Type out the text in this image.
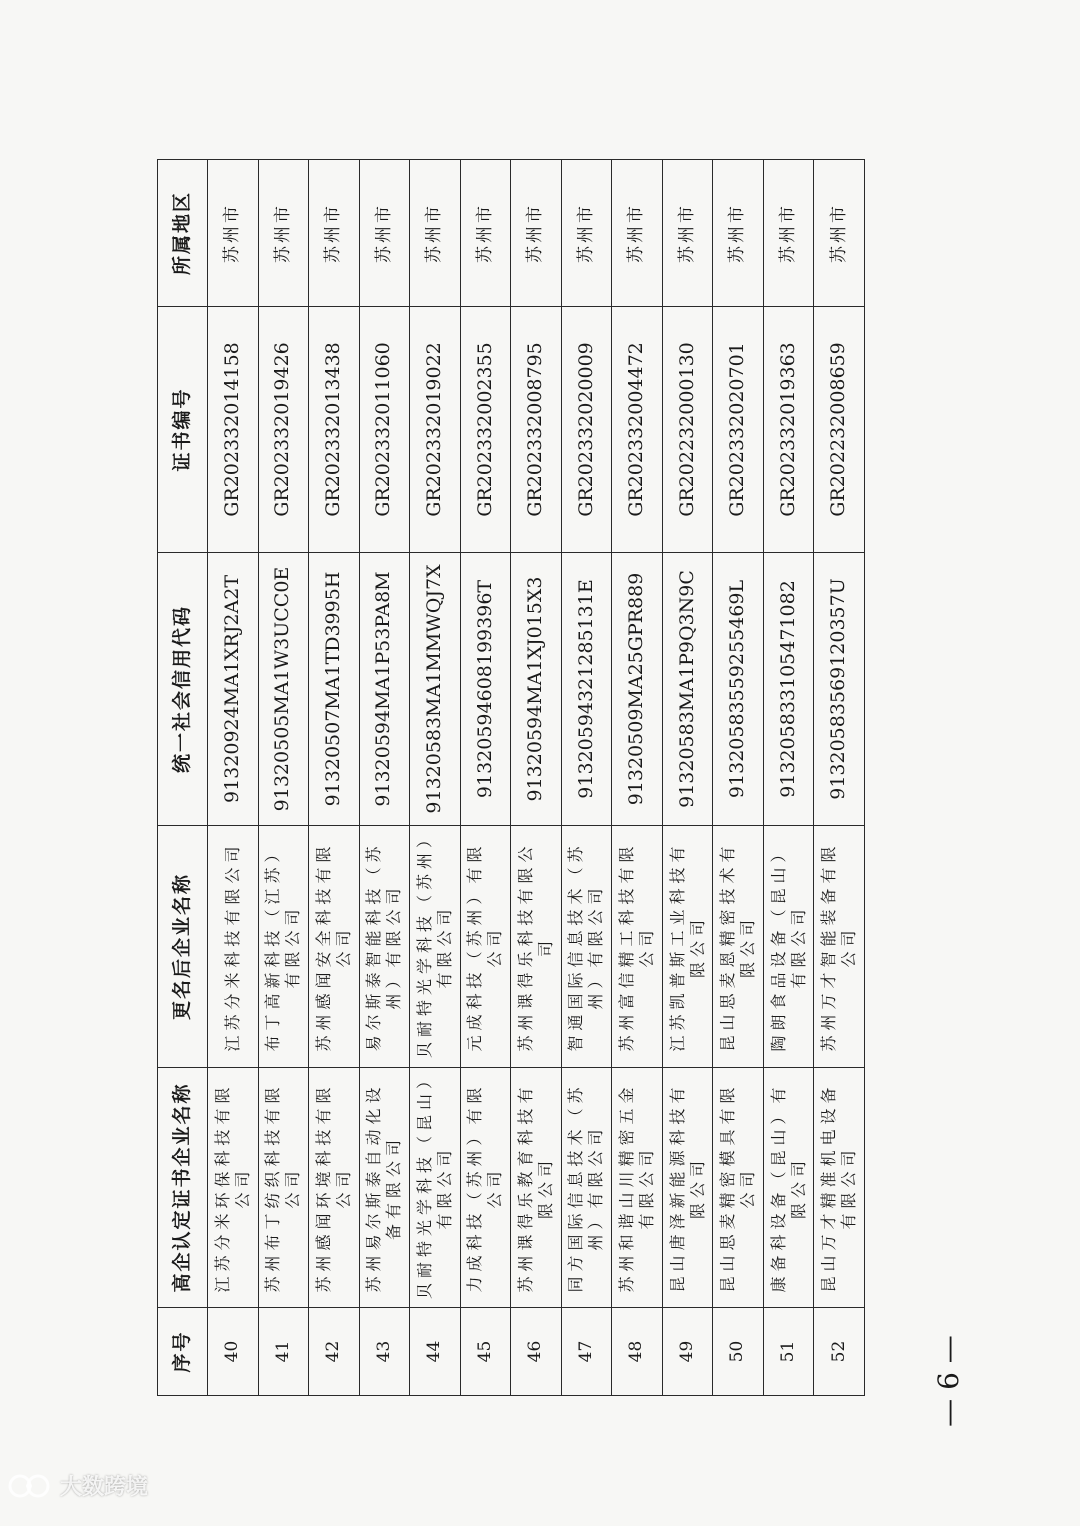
序号	高企认定证书企业名称	更名后企业名称	统一社会信用代码	证书编号	所属地区
40	江苏分米环保科技有限公司	江苏分米科技有限公司	91320924MA1XRJ2A2T	GR202332014158	苏州市
41	苏州布丁纺织科技有限公司	布丁高新科技（江苏）有限公司	91320505MA1W3UCC0E	GR202332019426	苏州市
42	苏州感闻环境科技有限公司	苏州感闻安全科技有限公司	91320507MA1TD3995H	GR202332013438	苏州市
43	苏州易尔斯泰自动化设备有限公司	易尔斯泰智能科技（苏州）有限公司	91320594MA1P53PA8M	GR202332011060	苏州市
44	贝耐特光学科技（昆山）有限公司	贝耐特光学科技（苏州）有限公司	91320583MA1MMWQJ7X	GR202332019022	苏州市
45	力成科技（苏州）有限公司	元成科技（苏州）有限公司	913205946081993​96T	GR202332002355	苏州市
46	苏州课得乐教育科技有限公司	苏州课得乐科技有限公司	91320594MA1XJ015X3	GR202332008795	苏州市
47	同方国际信息技术（苏州）有限公司	智通国际信息技术（苏州）有限公司	91320594321285131E	GR202332020009	苏州市
48	苏州和谐山川精密五金有限公司	苏州富信精工科技有限公司	91320509MA25GPR889	GR202332004472	苏州市
49	昆山唐泽新能源科技有限公司	江苏凯普斯工业科技有限公司	91320583MA1P9Q3N9C	GR202232000130	苏州市
50	昆山思麦精密模具有限公司	昆山思麦恩精密技术有限公司	91320583559255469L	GR202332020701	苏州市
51	康备科设备（昆山）有限公司	陶朗食品设备（昆山）有限公司	91320583310547108​2	GR202332019363	苏州市
52	昆山万才精准机电设备有限公司	苏州万才智能装备有限公司	91320583569120357U	GR202232008659	苏州市
— 6 —
大数跨境
